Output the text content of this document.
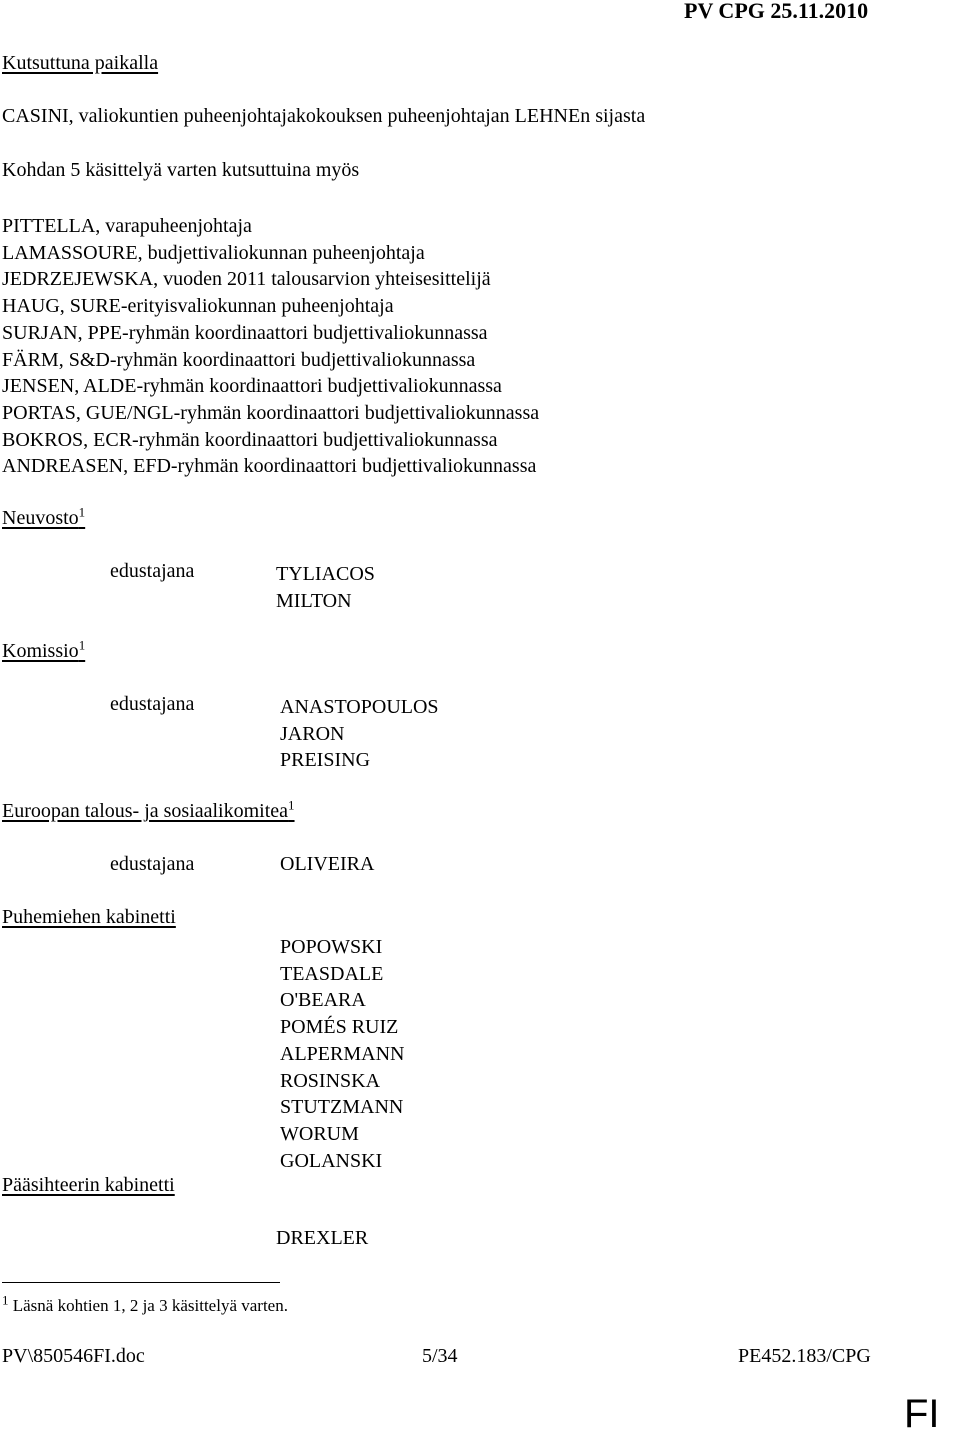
PV CPG 25.11.2010
Kutsuttuna paikalla
CASINI, valiokuntien puheenjohtajakokouksen puheenjohtajan LEHNEn sijasta
Kohdan 5 käsittelyä varten kutsuttuina myös
PITTELLA, varapuheenjohtaja
LAMASSOURE, budjettivaliokunnan puheenjohtaja
JEDRZEJEWSKA, vuoden 2011 talousarvion yhteisesittelijä
HAUG, SURE-erityisvaliokunnan puheenjohtaja
SURJAN, PPE-ryhmän koordinaattori budjettivaliokunnassa
FÄRM, S&D-ryhmän koordinaattori budjettivaliokunnassa
JENSEN, ALDE-ryhmän koordinaattori budjettivaliokunnassa
PORTAS, GUE/NGL-ryhmän koordinaattori budjettivaliokunnassa
BOKROS, ECR-ryhmän koordinaattori budjettivaliokunnassa
ANDREASEN, EFD-ryhmän koordinaattori budjettivaliokunnassa
Neuvosto$^1$
edustajana	TYLIACOS
MILTON
Komissio$^1$
edustajana	ANASTOPOULOS
JARON
PREISING
Euroopan talous- ja sosiaalikomitea$^1$
edustajana	OLIVEIRA
Puhemiehen kabinetti
POPOWSKI
TEASDALE
O'BEARA
POMÉS RUIZ
ALPERMANN
ROSINSKA
STUTZMANN
WORUM
GOLANSKI
Pääsihteerin kabinetti
DREXLER
$^1$ Läsnä kohtien 1, 2 ja 3 käsittelyä varten.
PV\850546FI.doc	5/34	PE452.183/CPG
FI
